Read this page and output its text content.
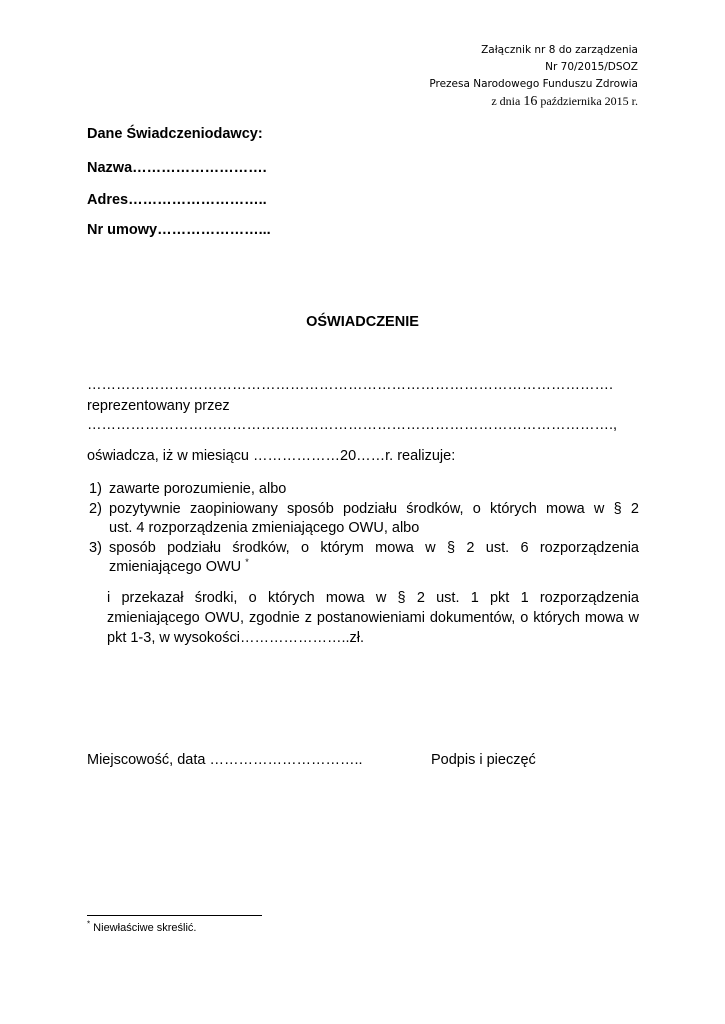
Załącznik nr 8 do zarządzenia
Nr 70/2015/DSOZ
Prezesa Narodowego Funduszu Zdrowia
z dnia 16 października 2015 r.
Dane Świadczeniodawcy:
Nazwa……………………….
Adres………………………..
Nr umowy…………………...
OŚWIADCZENIE
……………………………………………………………………………………………….
reprezentowany przez
……………………………………………………………………………………………….,
oświadcza, iż w miesiącu ………………20……r. realizuje:
1) zawarte porozumienie, albo
2) pozytywnie zaopiniowany sposób podziału środków, o których mowa w § 2
ust. 4 rozporządzenia zmieniającego OWU, albo
3) sposób podziału środków, o którym mowa w § 2 ust. 6 rozporządzenia
zmieniającego OWU *
i przekazał środki, o których mowa w § 2 ust. 1 pkt 1 rozporządzenia
zmieniającego OWU, zgodnie z postanowieniami dokumentów, o których mowa w
pkt 1-3, w wysokości…………………..zł.
Miejscowość, data …………………………..	Podpis i pieczęć
* Niewłaściwe skreślić.
